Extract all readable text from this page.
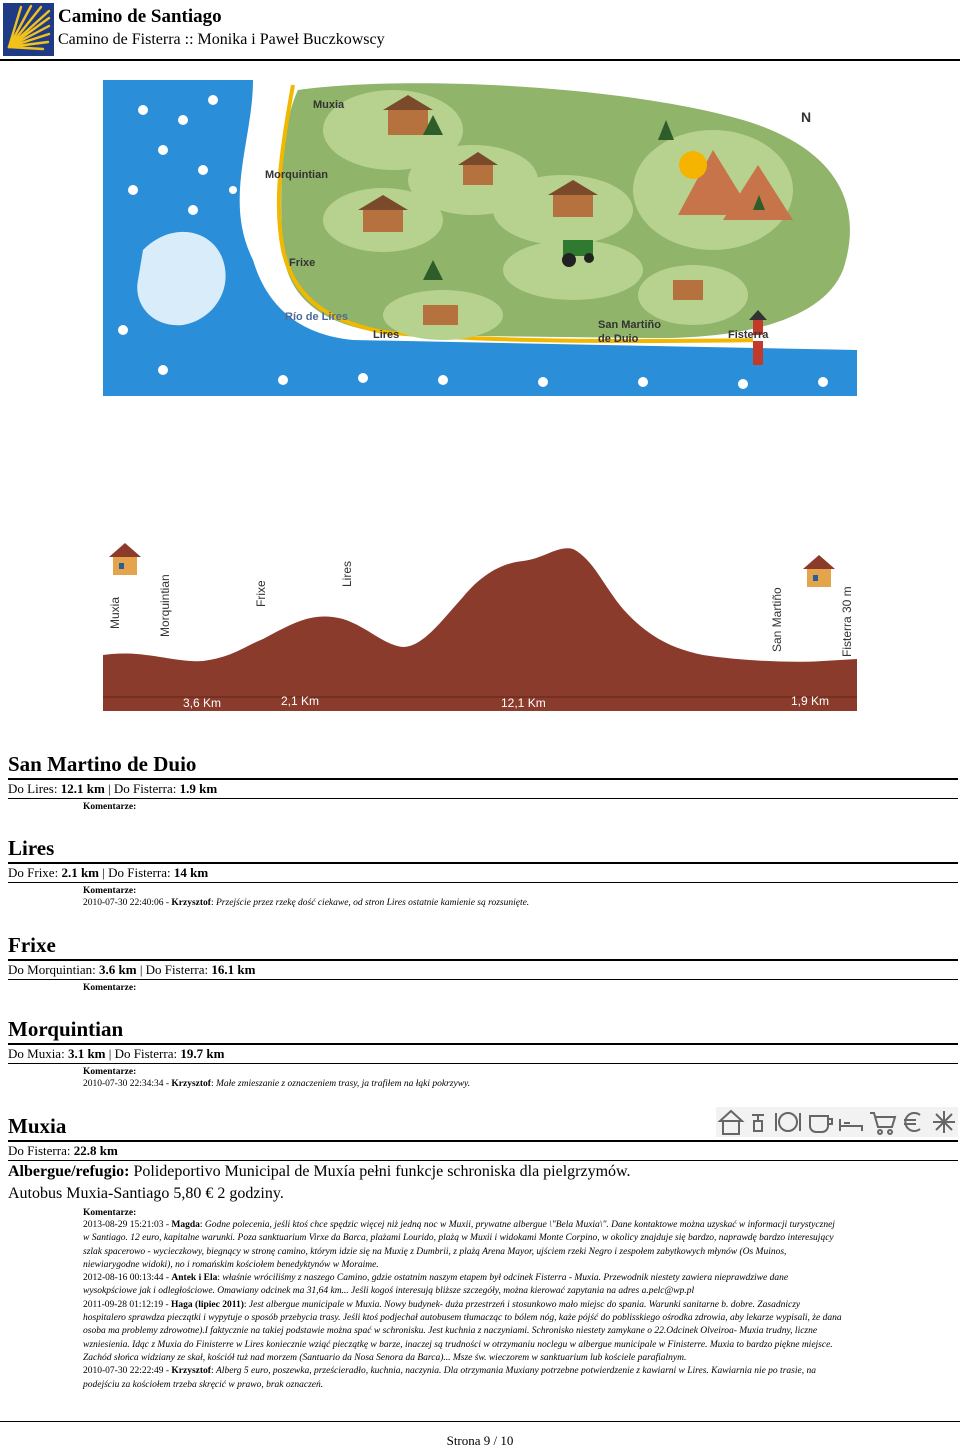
Camino de Santiago
Camino de Fisterra :: Monika i Paweł Buczkowscy
Muxia
Morquintian
Frixe
Río de Lires
Lires
San Martiño
de Duio	Fisterra
N
3,6 Km	2,1 Km	12,1 Km	1,9 Km
Muxia	Morquintian	Frixe
Lires
San Martiño	Fisterra 30 m
San Martino de Duio
Do Lires: 12.1 km | Do Fisterra: 1.9 km
Komentarze:
Lires
Do Frixe: 2.1 km | Do Fisterra: 14 km
Komentarze:
2010-07-30 22:40:06 - Krzysztof: Przejście przez rzekę dość ciekawe, od stron Lires ostatnie kamienie są rozsunięte.
Frixe
Do Morquintian: 3.6 km | Do Fisterra: 16.1 km
Komentarze:
Morquintian
Do Muxia: 3.1 km | Do Fisterra: 19.7 km
Komentarze:
2010-07-30 22:34:34 - Krzysztof: Małe zmieszanie z oznaczeniem trasy, ja trafiłem na łąki pokrzywy.
Muxia
Do Fisterra: 22.8 km
Albergue/refugio: Polideportivo Municipal de Muxía pełni funkcje schroniska dla pielgrzymów.
Autobus Muxia-Santiago 5,80 € 2 godziny.
Komentarze:
2013-08-29 15:21:03 - Magda: Godne polecenia, jeśli ktoś chce spędzic więcej niż jedną noc w Muxii, prywatne albergue \"Bela Muxia\". Dane kontaktowe można uzyskać w informacji turystycznej w Santiago. 12 euro, kapitalne warunki. Poza sanktuarium Virxe da Barca, plażami Lourido, plażą w Muxii i widokami Monte Corpino, w okolicy znajduje się bardzo, naprawdę bardzo interesujący szlak spacerowo - wycieczkowy, biegnący w stronę camino, którym idzie się na Muxię z Dumbrii, z plażą Arena Mayor, ujściem rzeki Negro i zespołem zabytkowych młynów (Os Muinos, niewiarygodne widoki), no i romańskim kościołem benedyktynów w Moraime.
2012-08-16 00:13:44 - Antek i Ela: właśnie wróciliśmy z naszego Camino, gdzie ostatnim naszym etapem był odcinek Fisterra - Muxia. Przewodnik niestety zawiera nieprawdziwe dane wysokpściowe jak i odległościowe. Omawiany odcinek ma 31,64 km... Jeśli kogoś interesują bliższe szczegóły, można kierować zapytania na adres a.pelc@wp.pl
2011-09-28 01:12:19 - Haga (lipiec 2011): Jest albergue municipale w Muxia. Nowy budynek- duża przestrzeń i stosunkowo mało miejsc do spania. Warunki sanitarne b. dobre. Zasadniczy hospitalero sprawdza pieczątki i wypytuje o sposób przebycia trasy. Jeśli ktoś podjechał autobusem tłumacząc to bólem nóg, każe pójść do poblisskiego ośrodka zdrowia, aby lekarze wypisali, że dana osoba ma problemy zdrowotne).I faktycznie na takiej podstawie można spać w schronisku. Jest kuchnia z naczyniami. Schronisko niestety zamykane o 22.Odcinek Olveiroa- Muxia trudny, liczne wzniesienia. Idąc z Muxia do Finisterre w Lires koniecznie wziąć pieczątkę w barze, inaczej są trudności w otrzymaniu noclegu w albergue municipale w Finisterre. Muxia to bardzo piękne miejsce. Zachód słońca widziany ze skał, kościół tuż nad morzem (Santuario da Nosa Senora da Barca)... Msze św. wieczorem w sanktuarium lub kościele parafialnym.
2010-07-30 22:22:49 - Krzysztof: Alberg 5 euro, poszewka, prześcieradło, kuchnia, naczynia. Dla otrzymania Muxiany potrzebne potwierdzenie z kawiarni w Lires. Kawiarnia nie po trasie, na podejściu za kościołem trzeba skręcić w prawo, brak oznaczeń.
Strona 9 / 10
